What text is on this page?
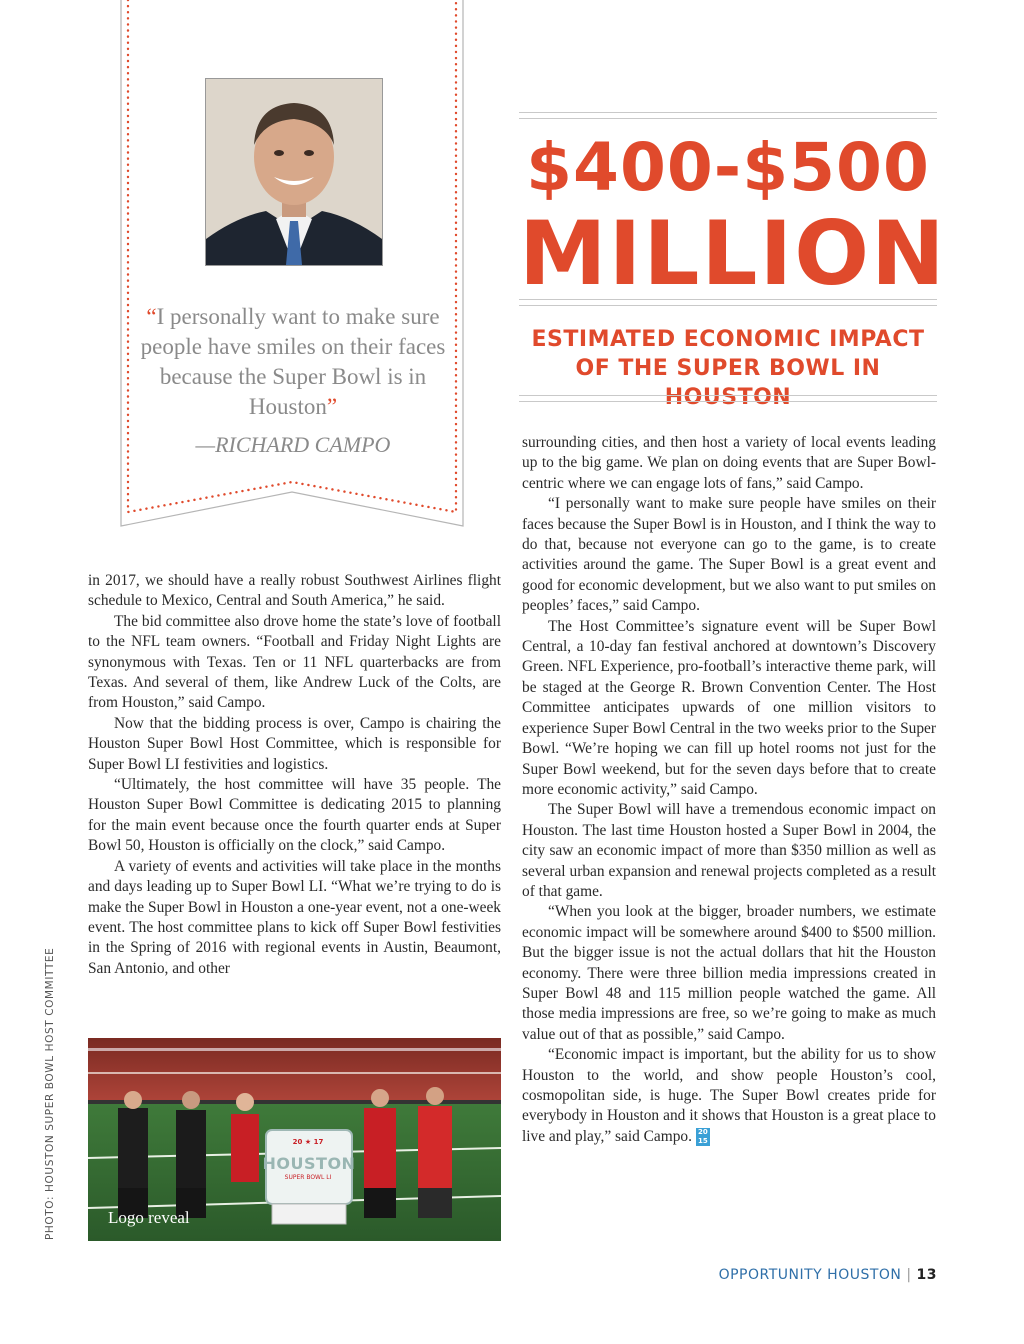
“I personally want to make sure people have smiles on their faces because the Super Bowl is in Houston”
—RICHARD CAMPO
$400-$500
MILLION
ESTIMATED ECONOMIC IMPACT
OF THE SUPER BOWL IN HOUSTON

in 2017, we should have a really robust Southwest Airlines flight schedule to Mexico, Central and South America,” he said.

The bid committee also drove home the state’s love of football to the NFL team owners. “Football and Friday Night Lights are synonymous with Texas. Ten or 11 NFL quarterbacks are from Texas. And several of them, like Andrew Luck of the Colts, are from Houston,” said Campo.

Now that the bidding process is over, Campo is chairing the Houston Super Bowl Host Committee, which is responsible for Super Bowl LI festivities and logistics.

“Ultimately, the host committee will have 35 people. The Houston Super Bowl Committee is dedicating 2015 to planning for the main event because once the fourth quarter ends at Super Bowl 50, Houston is officially on the clock,” said Campo.

A variety of events and activities will take place in the months and days leading up to Super Bowl LI. “What we’re trying to do is make the Super Bowl in Houston a one-year event, not a one-week event. The host committee plans to kick off Super Bowl festivities in the Spring of 2016 with regional events in Austin, Beaumont, San Antonio, and other

surrounding cities, and then host a variety of local events leading up to the big game. We plan on doing events that are Super Bowl-centric where we can engage lots of fans,” said Campo.

“I personally want to make sure people have smiles on their faces because the Super Bowl is in Houston, and I think the way to do that, because not everyone can go to the game, is to create activities around the game. The Super Bowl is a great event and good for economic development, but we also want to put smiles on peoples’ faces,” said Campo.

The Host Committee’s signature event will be Super Bowl Central, a 10-day fan festival anchored at downtown’s Discovery Green. NFL Experience, pro-football’s interactive theme park, will be staged at the George R. Brown Convention Center. The Host Committee anticipates upwards of one million visitors to experience Super Bowl Central in the two weeks prior to the Super Bowl. “We’re hoping we can fill up hotel rooms not just for the Super Bowl weekend, but for the seven days before that to create more economic activity,” said Campo.

The Super Bowl will have a tremendous economic impact on Houston. The last time Houston hosted a Super Bowl in 2004, the city saw an economic impact of more than $350 million as well as several urban expansion and renewal projects completed as a result of that game.

“When you look at the bigger, broader numbers, we estimate economic impact will be somewhere around $400 to $500 million. But the bigger issue is not the actual dollars that hit the Houston economy. There were three billion media impressions created in Super Bowl 48 and 115 million people watched the game. All those media impressions are free, so we’re going to make as much value out of that as possible,” said Campo.

“Economic impact is important, but the ability for us to show Houston to the world, and show people Houston’s cool, cosmopolitan side, is huge. The Super Bowl creates pride for everybody in Houston and it shows that Houston is a great place to live and play,” said Campo. 20
15

20 ★ 17
HOUSTON
SUPER BOWL LI
Logo reveal
PHOTO: HOUSTON SUPER BOWL HOST COMMITTEE
OPPORTUNITY HOUSTON | 13
